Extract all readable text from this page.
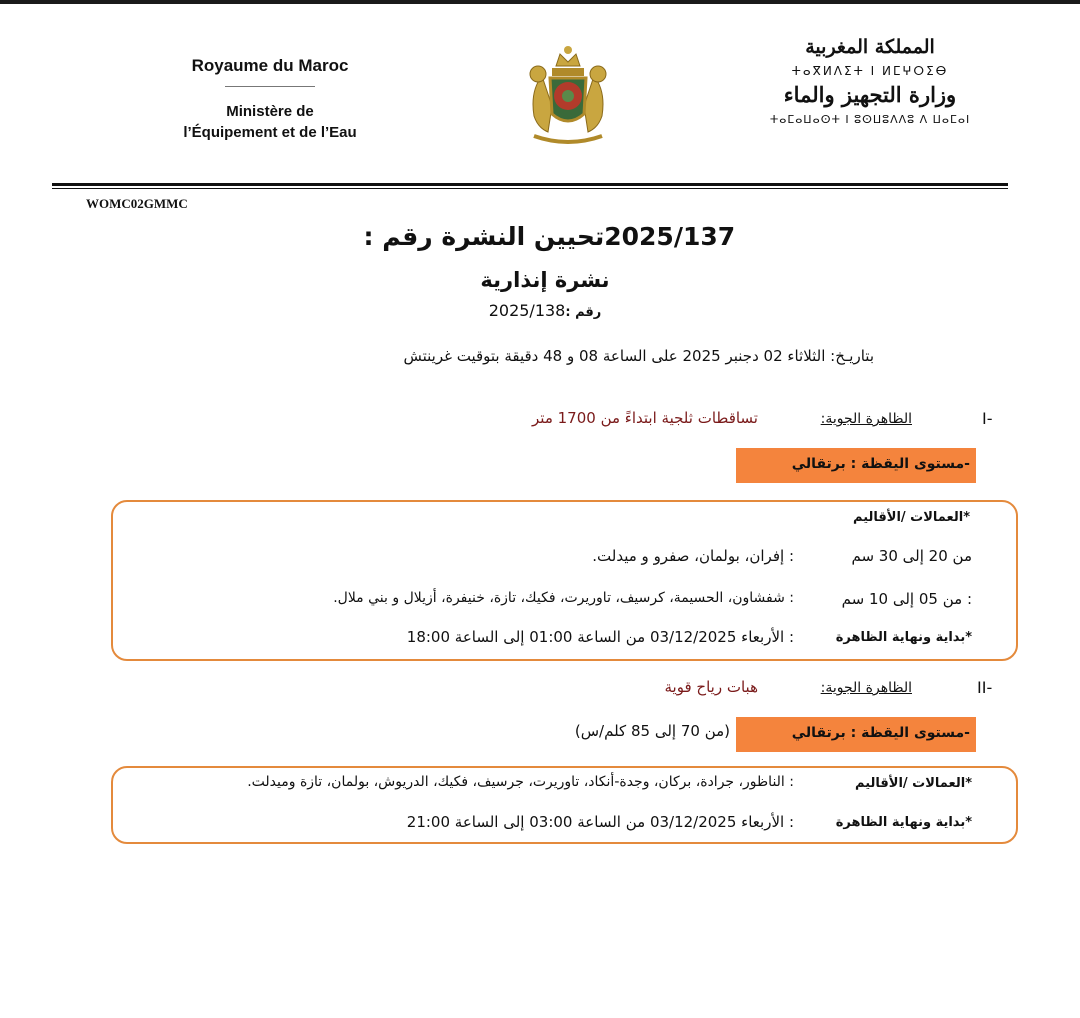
Royaume du Maroc
Ministère de
l’Équipement et de l’Eau
المملكة المغربية
ⵜⴰⴳⵍⴷⵉⵜ ⵏ ⵍⵎⵖⵔⵉⴱ
وزارة التجهيز والماء
ⵜⴰⵎⴰⵡⴰⵙⵜ ⵏ ⵓⵙⵡⵓⴷⴷⵓ ⴷ ⵡⴰⵎⴰⵏ
WOMC02GMMC
تحيين النشرة رقم : 2025/137
نشرة إنذارية
2025/138رقم :
بتاريـخ: الثلاثاء 02 دجنبر 2025 على الساعة 08 و 48 دقيقة بتوقيت غرينتش
I-
الظاهرة الجوية:
تساقطات ثلجية ابتداءً من 1700 متر
-مستوى اليقظة : برتقالي
*العمالات /الأقاليم
من 20 إلى 30 سم
: إفران، بولمان، صفرو و ميدلت.
: من 05 إلى 10 سم
: شفشاون، الحسيمة، كرسيف، تاوريرت، فكيك، تازة، خنيفرة، أزيلال و بني ملال.
*بداية ونهاية الظاهرة
: الأربعاء 03/12/2025 من الساعة 01:00 إلى الساعة 18:00
II-
الظاهرة الجوية:
هبات رياح قوية
-مستوى اليقظة : برتقالي
(من 70 إلى 85 كلم/س)
*العمالات /الأقاليم
: الناظور، جرادة، بركان، وجدة-أنكاد، تاوريرت، جرسيف، فكيك، الدريوش، بولمان، تازة وميدلت.
*بداية ونهاية الظاهرة
: الأربعاء 03/12/2025 من الساعة 03:00 إلى الساعة 21:00
